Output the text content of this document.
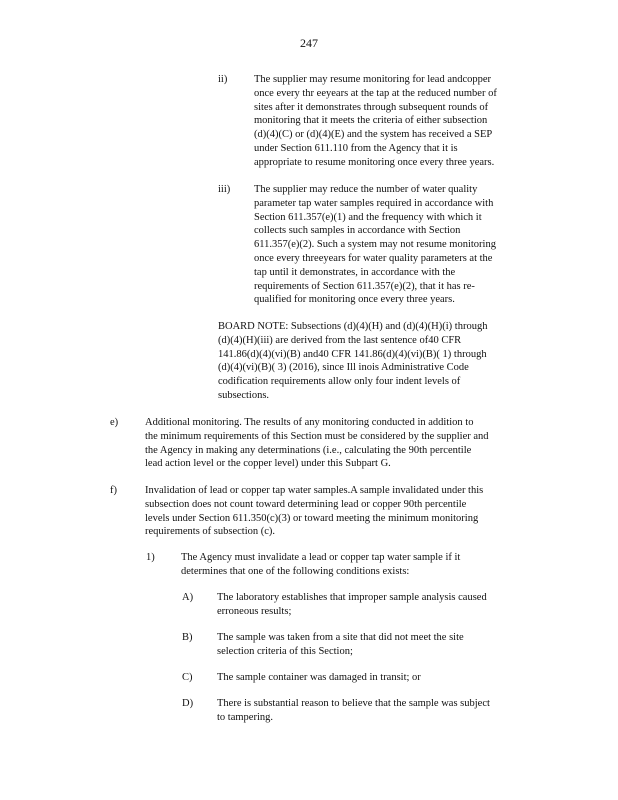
247
ii)	The supplier may resume monitoring for lead andcopper
once every thr eeyears at the tap at the reduced number of
sites after it demonstrates through subsequent rounds of
monitoring that it meets the criteria of either subsection
(d)(4)(C) or (d)(4)(E) and the system has received a SEP
under Section 611.110 from the Agency that it is
appropriate to resume monitoring once every three years.
iii) The supplier may reduce the number of water quality
parameter tap water samples required in accordance with
Section 611.357(e)(1) and the frequency with which it
collects such samples in accordance with Section
611.357(e)(2). Such a system may not resume monitoring
once every threeyears for water quality parameters at the
tap until it demonstrates, in accordance with the
requirements of Section 611.357(e)(2), that it has re-
qualified for monitoring once every three years.
BOARD NOTE: Subsections (d)(4)(H) and (d)(4)(H)(i) through
(d)(4)(H)(iii) are derived from the last sentence of40 CFR
141.86(d)(4)(vi)(B) and40 CFR 141.86(d)(4)(vi)(B)( 1) through
(d)(4)(vi)(B)( 3) (2016), since Ill inois Administrative Code
codification requirements allow only four indent levels of
subsections.
e)	Additional monitoring. The results of any monitoring conducted in addition to
the minimum requirements of this Section must be considered by the supplier and
the Agency in making any determinations (i.e., calculating the 90th percentile
lead action level or the copper level) under this Subpart G.
f)	Invalidation of lead or copper tap water samples.A sample invalidated under this
subsection does not count toward determining lead or copper 90th percentile
levels under Section 611.350(c)(3) or toward meeting the minimum monitoring
requirements of subsection (c).
1)	The Agency must invalidate a lead or copper tap water sample if it
determines that one of the following conditions exists:
A) The laboratory establishes that improper sample analysis caused
erroneous results;
B) The sample was taken from a site that did not meet the site
selection criteria of this Section;
C) The sample container was damaged in transit; or
D) There is substantial reason to believe that the sample was subject
to tampering.
